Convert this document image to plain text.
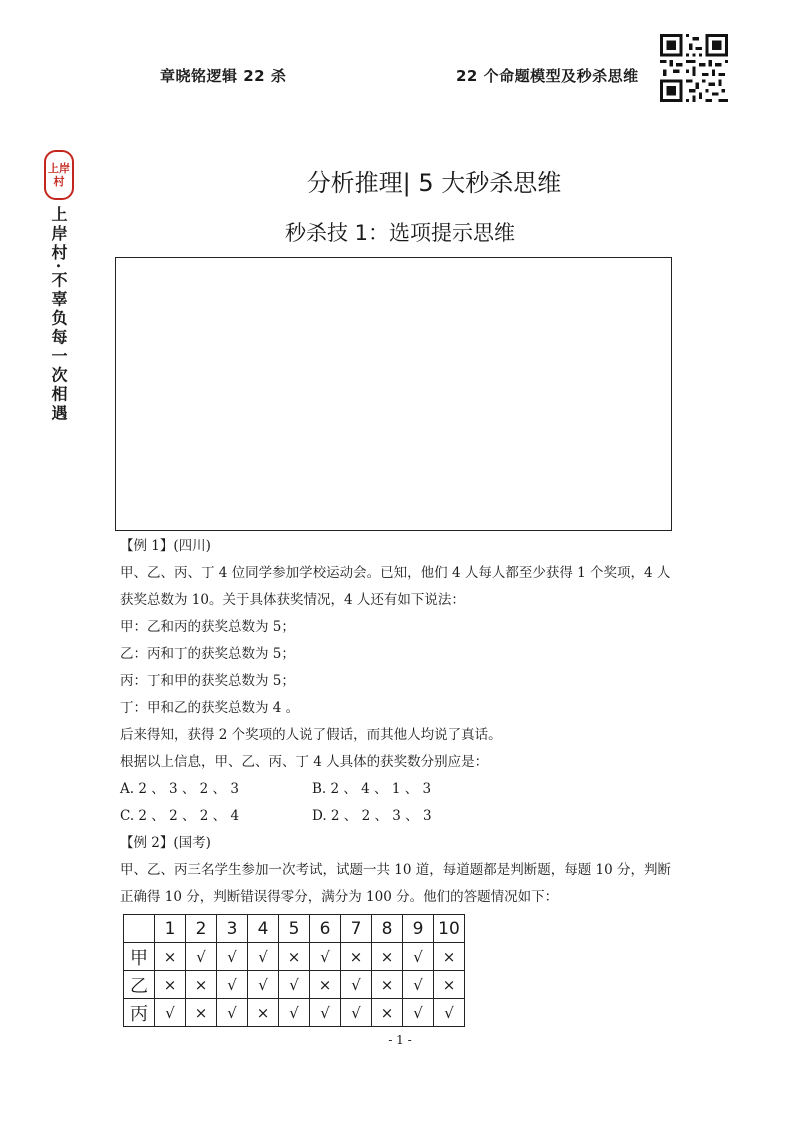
章晓铭逻辑 22 杀	22 个命题模型及秒杀思维
上岸村
上岸村·不辜负每一次相遇
分析推理| 5 大秒杀思维
秒杀技 1：选项提示思维
【例 1】(四川)
甲、乙、丙、丁 4 位同学参加学校运动会。已知，他们 4 人每人都至少获得 1 个奖项，4 人
获奖总数为 10。关于具体获奖情况，4 人还有如下说法：
甲：乙和丙的获奖总数为 5；
乙：丙和丁的获奖总数为 5；
丙：丁和甲的获奖总数为 5；
丁：甲和乙的获奖总数为 4 。
后来得知，获得 2 个奖项的人说了假话，而其他人均说了真话。
根据以上信息，甲、乙、丙、丁 4 人具体的获奖数分别应是：
A. 2 、 3 、 2 、 3	B. 2 、 4 、 1 、 3
C. 2 、 2 、 2 、 4	D. 2 、 2 、 3 、 3
【例 2】(国考)
甲、乙、丙三名学生参加一次考试，试题一共 10 道，每道题都是判断题，每题 10 分，判断
正确得 10 分，判断错误得零分，满分为 100 分。他们的答题情况如下：
	1	2	3	4	5	6	7	8	9	10
甲	×	√	√	√	×	√	×	×	√	×
乙	×	×	√	√	√	×	√	×	√	×
丙	√	×	√	×	√	√	√	×	√	√
- 1 -
